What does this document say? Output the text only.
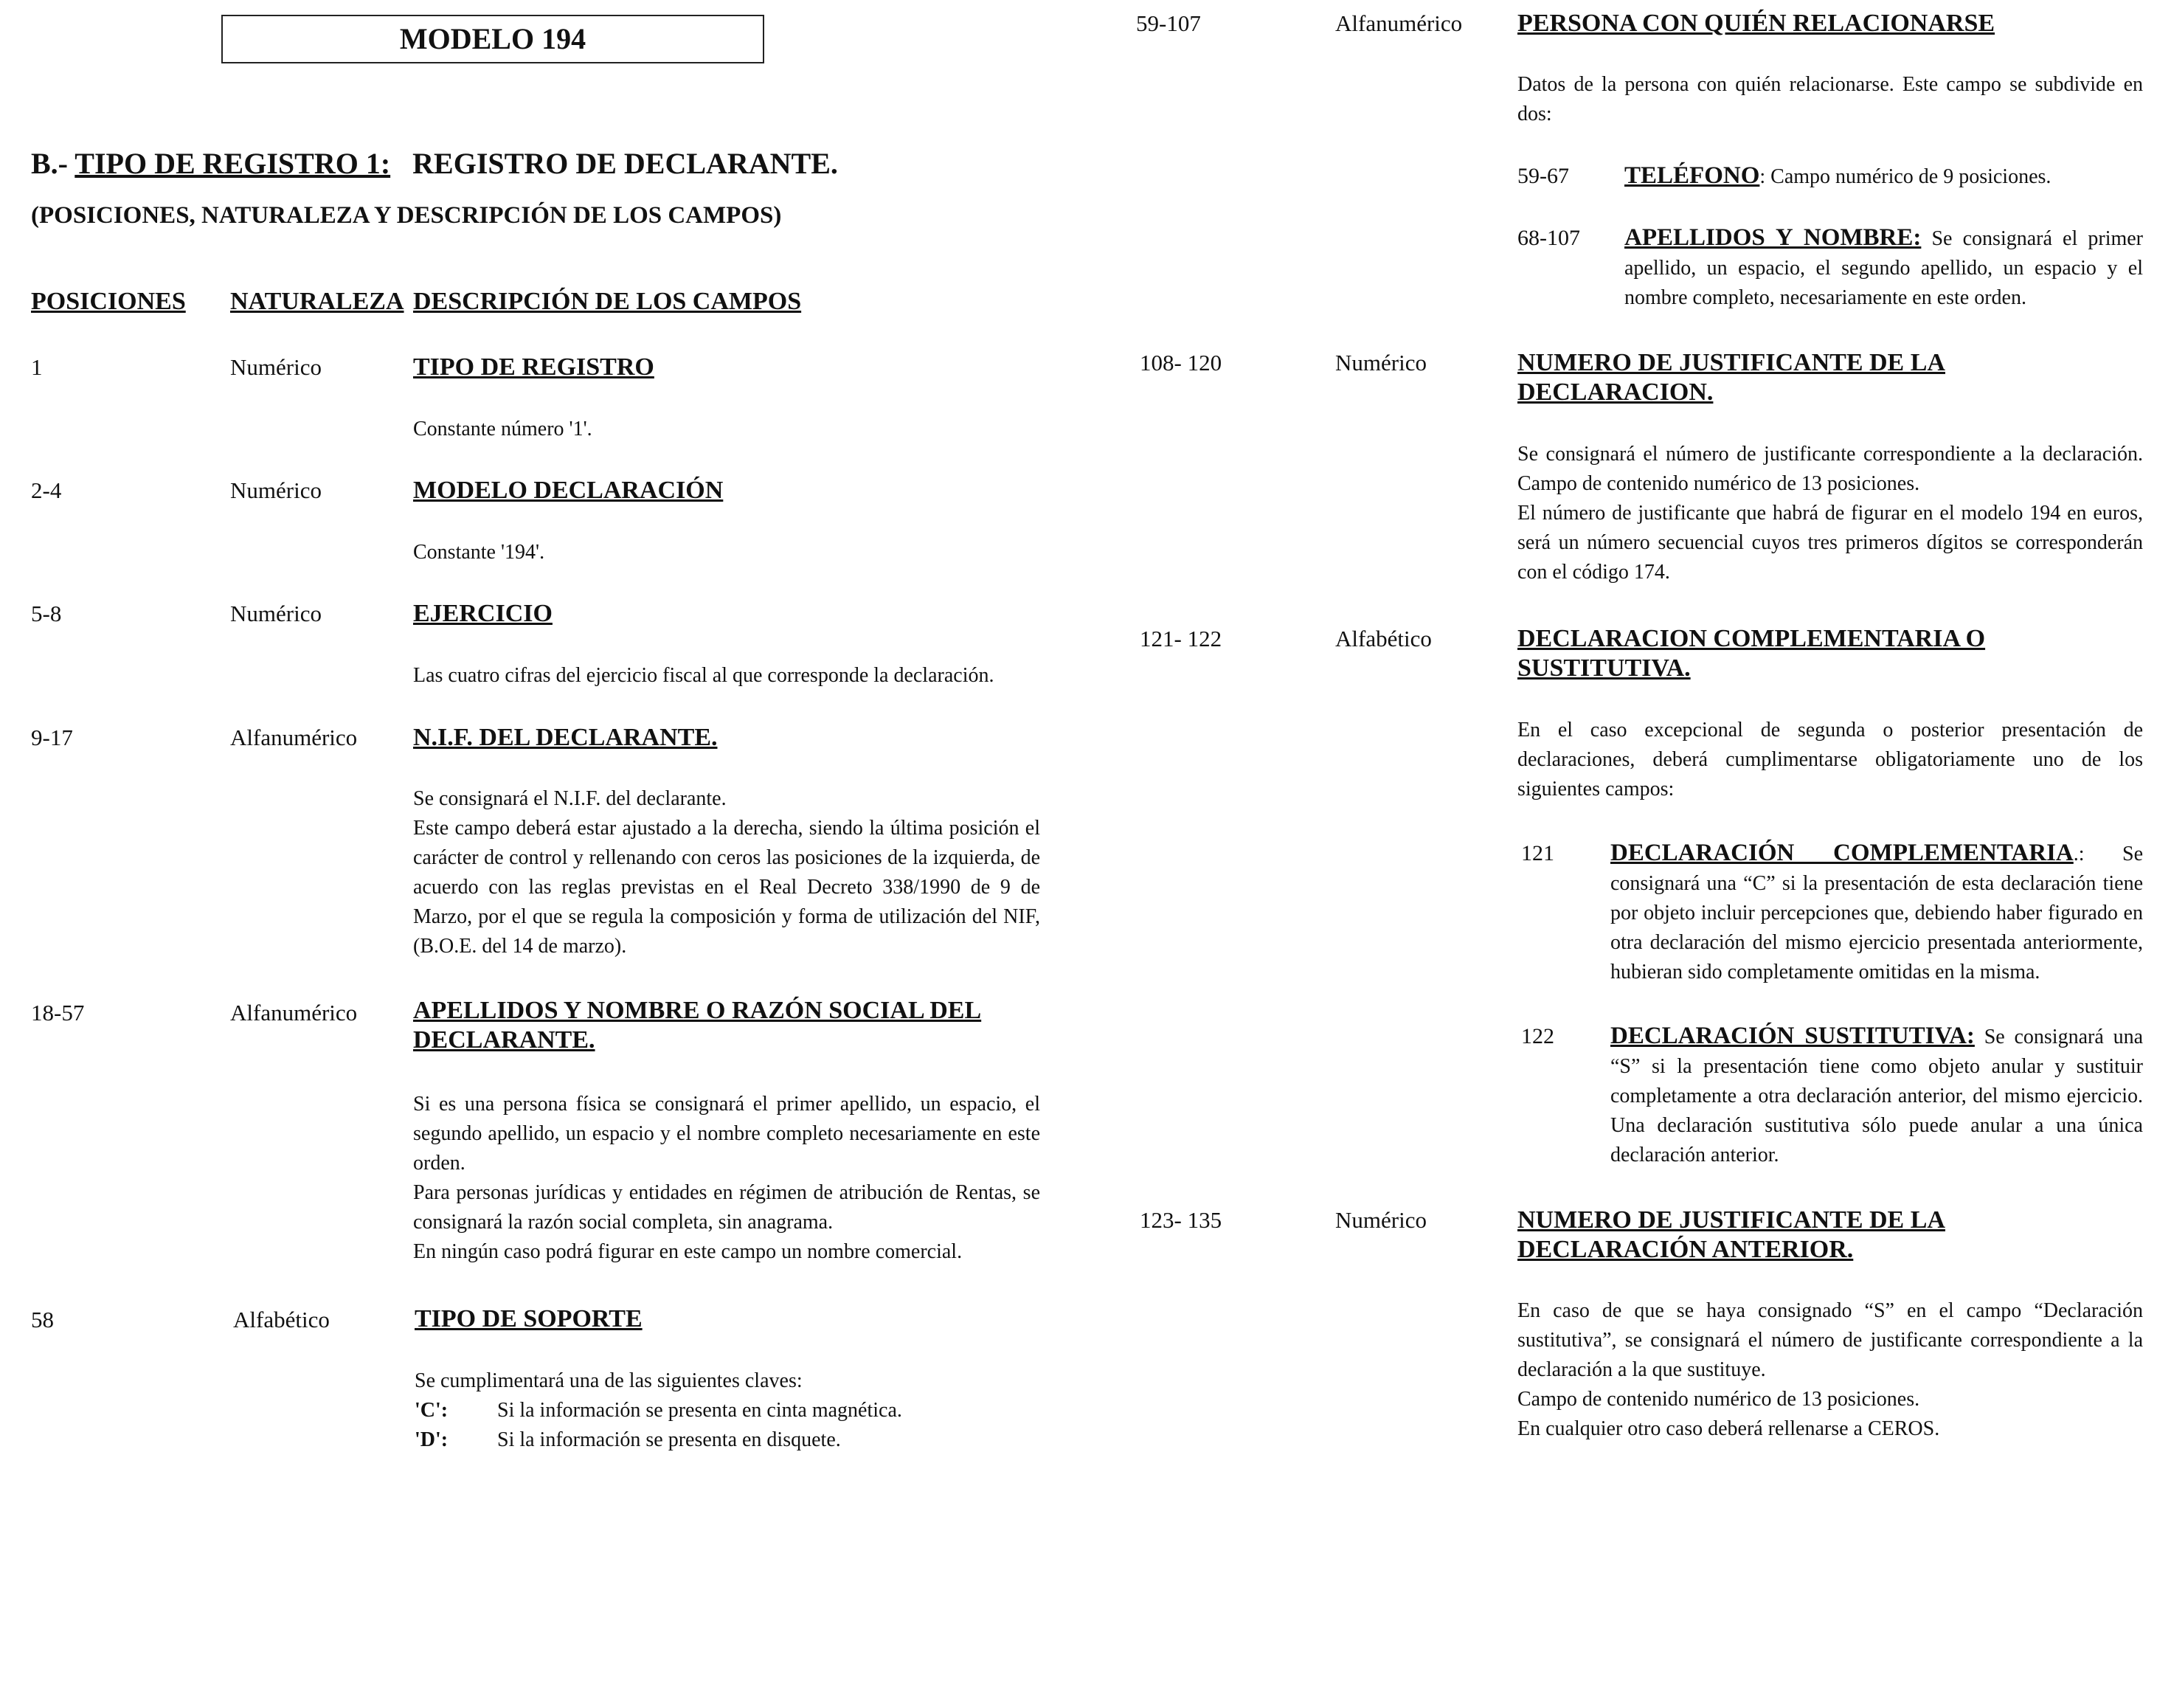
MODELO 194
B.- TIPO DE REGISTRO 1: REGISTRO DE DECLARANTE.
(POSICIONES, NATURALEZA Y DESCRIPCIÓN DE LOS CAMPOS)
POSICIONES NATURALEZA DESCRIPCIÓN DE LOS CAMPOS
1	Numérico	TIPO DE REGISTRO
Constante número '1'.
2-4	Numérico	MODELO DECLARACIÓN
Constante '194'.
5-8	Numérico	EJERCICIO
Las cuatro cifras del ejercicio fiscal al que corresponde la declaración.
9-17	Alfanumérico N.I.F. DEL DECLARANTE.
Se consignará el N.I.F. del declarante.
Este campo deberá estar ajustado a la derecha, siendo la última posición el carácter de control y rellenando con ceros las posiciones de la izquierda, de acuerdo con las reglas previstas en el Real Decreto 338/1990 de 9 de Marzo, por el que se regula la composición y forma de utilización del NIF, (B.O.E. del 14 de marzo).
18-57	Alfanumérico APELLIDOS Y NOMBRE O RAZÓN SOCIAL DEL DECLARANTE.
Si es una persona física se consignará el primer apellido, un espacio, el segundo apellido, un espacio y el nombre completo necesariamente en este orden.
Para personas jurídicas y entidades en régimen de atribución de Rentas, se consignará la razón social completa, sin anagrama.
En ningún caso podrá figurar en este campo un nombre comercial.
58	Alfabético	TIPO DE SOPORTE
Se cumplimentará una de las siguientes claves:
'C': Si la información se presenta en cinta magnética.
'D': Si la información se presenta en disquete.
59-107	Alfanumérico PERSONA CON QUIÉN RELACIONARSE
Datos de la persona con quién relacionarse. Este campo se subdivide en dos:
59-67 TELÉFONO: Campo numérico de 9 posiciones.
68-107 APELLIDOS Y NOMBRE: Se consignará el primer apellido, un espacio, el segundo apellido, un espacio y el nombre completo, necesariamente en este orden.
108- 120	Numérico	NUMERO DE JUSTIFICANTE DE LA DECLARACION.
Se consignará el número de justificante correspondiente a la declaración. Campo de contenido numérico de 13 posiciones.
El número de justificante que habrá de figurar en el modelo 194 en euros, será un número secuencial cuyos tres primeros dígitos se corresponderán con el código 174.
121- 122	Alfabético	DECLARACION COMPLEMENTARIA O SUSTITUTIVA.
En el caso excepcional de segunda o posterior presentación de declaraciones, deberá cumplimentarse obligatoriamente uno de los siguientes campos:
121 DECLARACIÓN COMPLEMENTARIA.: Se consignará una “C” si la presentación de esta declaración tiene por objeto incluir percepciones que, debiendo haber figurado en otra declaración del mismo ejercicio presentada anteriormente, hubieran sido completamente omitidas en la misma.
122 DECLARACIÓN SUSTITUTIVA: Se consignará una “S” si la presentación tiene como objeto anular y sustituir completamente a otra declaración anterior, del mismo ejercicio. Una declaración sustitutiva sólo puede anular a una única declaración anterior.
123- 135	Numérico	NUMERO DE JUSTIFICANTE DE LA DECLARACIÓN ANTERIOR.
En caso de que se haya consignado “S” en el campo “Declaración sustitutiva”, se consignará el número de justificante correspondiente a la declaración a la que sustituye.
Campo de contenido numérico de 13 posiciones.
En cualquier otro caso deberá rellenarse a CEROS.
